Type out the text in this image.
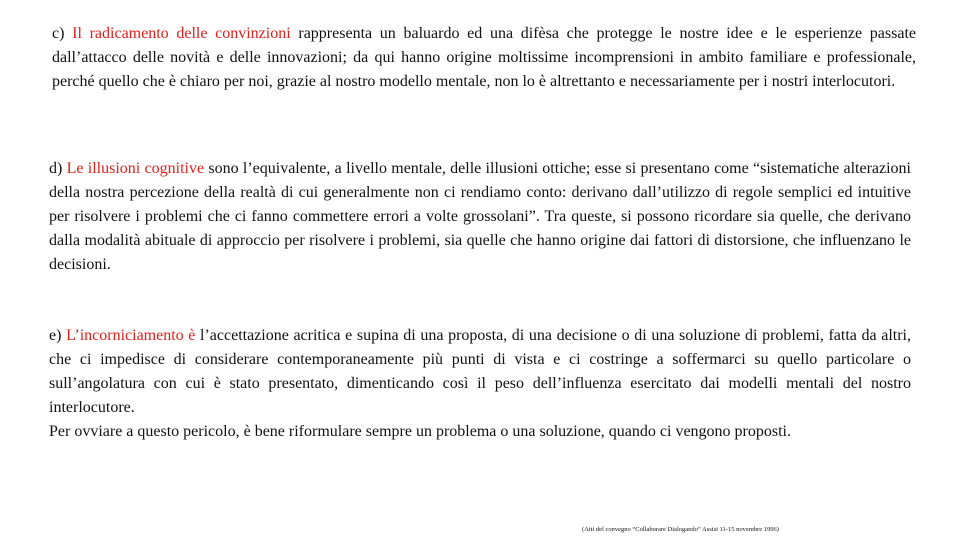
c) Il radicamento delle convinzioni rappresenta un baluardo ed una difèsa che protegge le nostre idee e le esperienze passate dall’attacco delle novità e delle innovazioni; da qui hanno origine moltissime incomprensioni in ambito familiare e professionale, perché quello che è chiaro per noi, grazie al nostro modello mentale, non lo è altrettanto e necessariamente per i nostri interlocutori.

d) Le illusioni cognitive sono l’equivalente, a livello mentale, delle illusioni ottiche; esse si presentano come “sistematiche alterazioni della nostra percezione della realtà di cui generalmente non ci rendiamo conto: derivano dall’utilizzo di regole semplici ed intuitive per risolvere i problemi che ci fanno commettere errori a volte grossolani”. Tra queste, si possono ricordare sia quelle, che derivano dalla modalità abituale di approccio per risolvere i problemi, sia quelle che hanno origine dai fattori di distorsione, che influenzano le decisioni.

e) L’incorniciamento è l’accettazione acritica e supina di una proposta, di una decisione o di una soluzione di problemi, fatta da altri, che ci impedisce di considerare contemporaneamente più punti di vista e ci costringe a soffermarci su quello particolare o sull’angolatura con cui è stato presentato, dimenticando così il peso dell’influenza esercitato dai modelli mentali del nostro interlocutore.
Per ovviare a questo pericolo, è bene riformulare sempre un problema o una soluzione, quando ci vengono proposti.

(Atti del convegno “Collaborare Dialogando” Assisi 11-15 novembre 1996)
